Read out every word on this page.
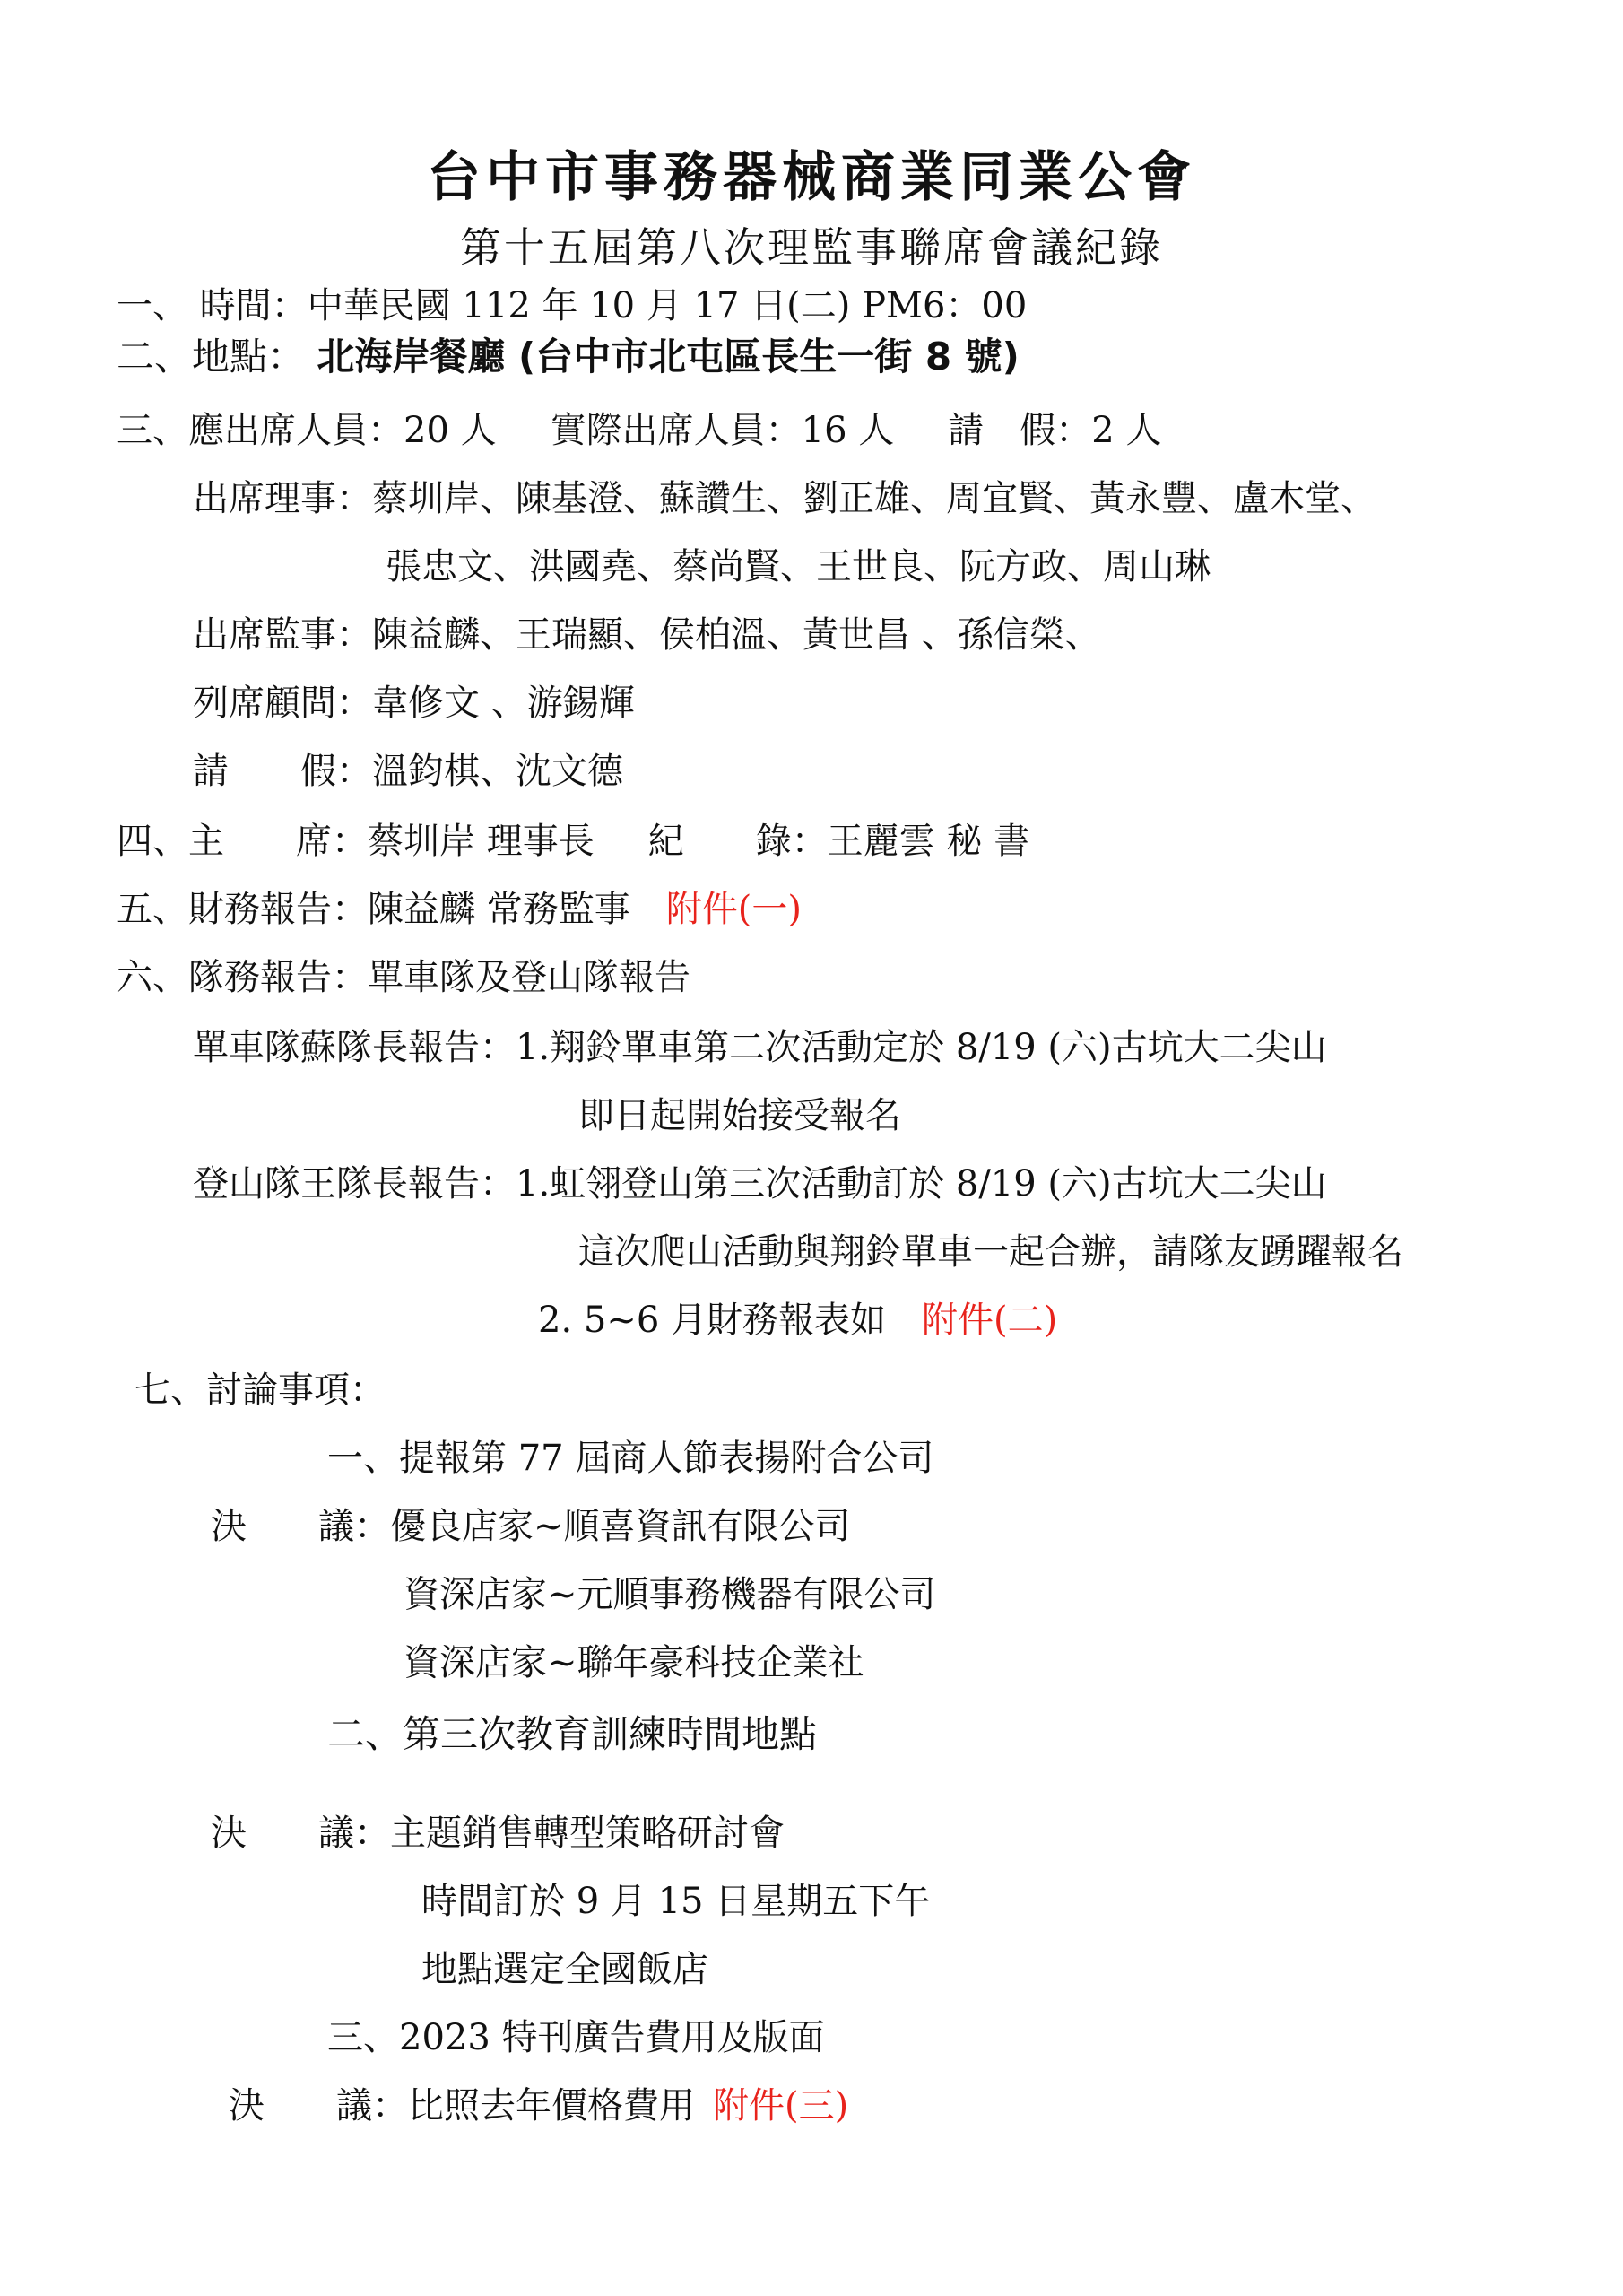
台中市事務器械商業同業公會
第十五屆第八次理監事聯席會議紀錄
一、 時間：中華民國 112 年 10 月 17 日(二) PM6：00
二、地點： 北海岸餐廳 (台中市北屯區長生一街 8 號)
三、應出席人員：20 人 實際出席人員：16 人 請　假：2 人
出席理事：蔡圳岸、陳基澄、蘇讚生、劉正雄、周宜賢、黃永豐、盧木堂、
張忠文、洪國堯、蔡尚賢、王世良、阮方政、周山琳
出席監事：陳益麟、王瑞顯、侯柏溫、黃世昌 、孫信榮、
列席顧問：韋修文 、游錫輝
請　　假：溫鈞棋、沈文德
四、主　　席：蔡圳岸 理事長 紀　　錄：王麗雲 秘 書
五、財務報告：陳益麟 常務監事 附件(一)
六、隊務報告：單車隊及登山隊報告
單車隊蘇隊長報告：1.翔鈴單車第二次活動定於 8/19 (六)古坑大二尖山
即日起開始接受報名
登山隊王隊長報告：1.虹翎登山第三次活動訂於 8/19 (六)古坑大二尖山
這次爬山活動與翔鈴單車一起合辦，請隊友踴躍報名
2. 5~6 月財務報表如 附件(二)
七、討論事項：
一、提報第 77 屆商人節表揚附合公司
決　　議：優良店家~順喜資訊有限公司
資深店家~元順事務機器有限公司
資深店家~聯年豪科技企業社
二、第三次教育訓練時間地點
決　　議：主題銷售轉型策略研討會
時間訂於 9 月 15 日星期五下午
地點選定全國飯店
三、2023 特刊廣告費用及版面
決　　議：比照去年價格費用 附件(三)
